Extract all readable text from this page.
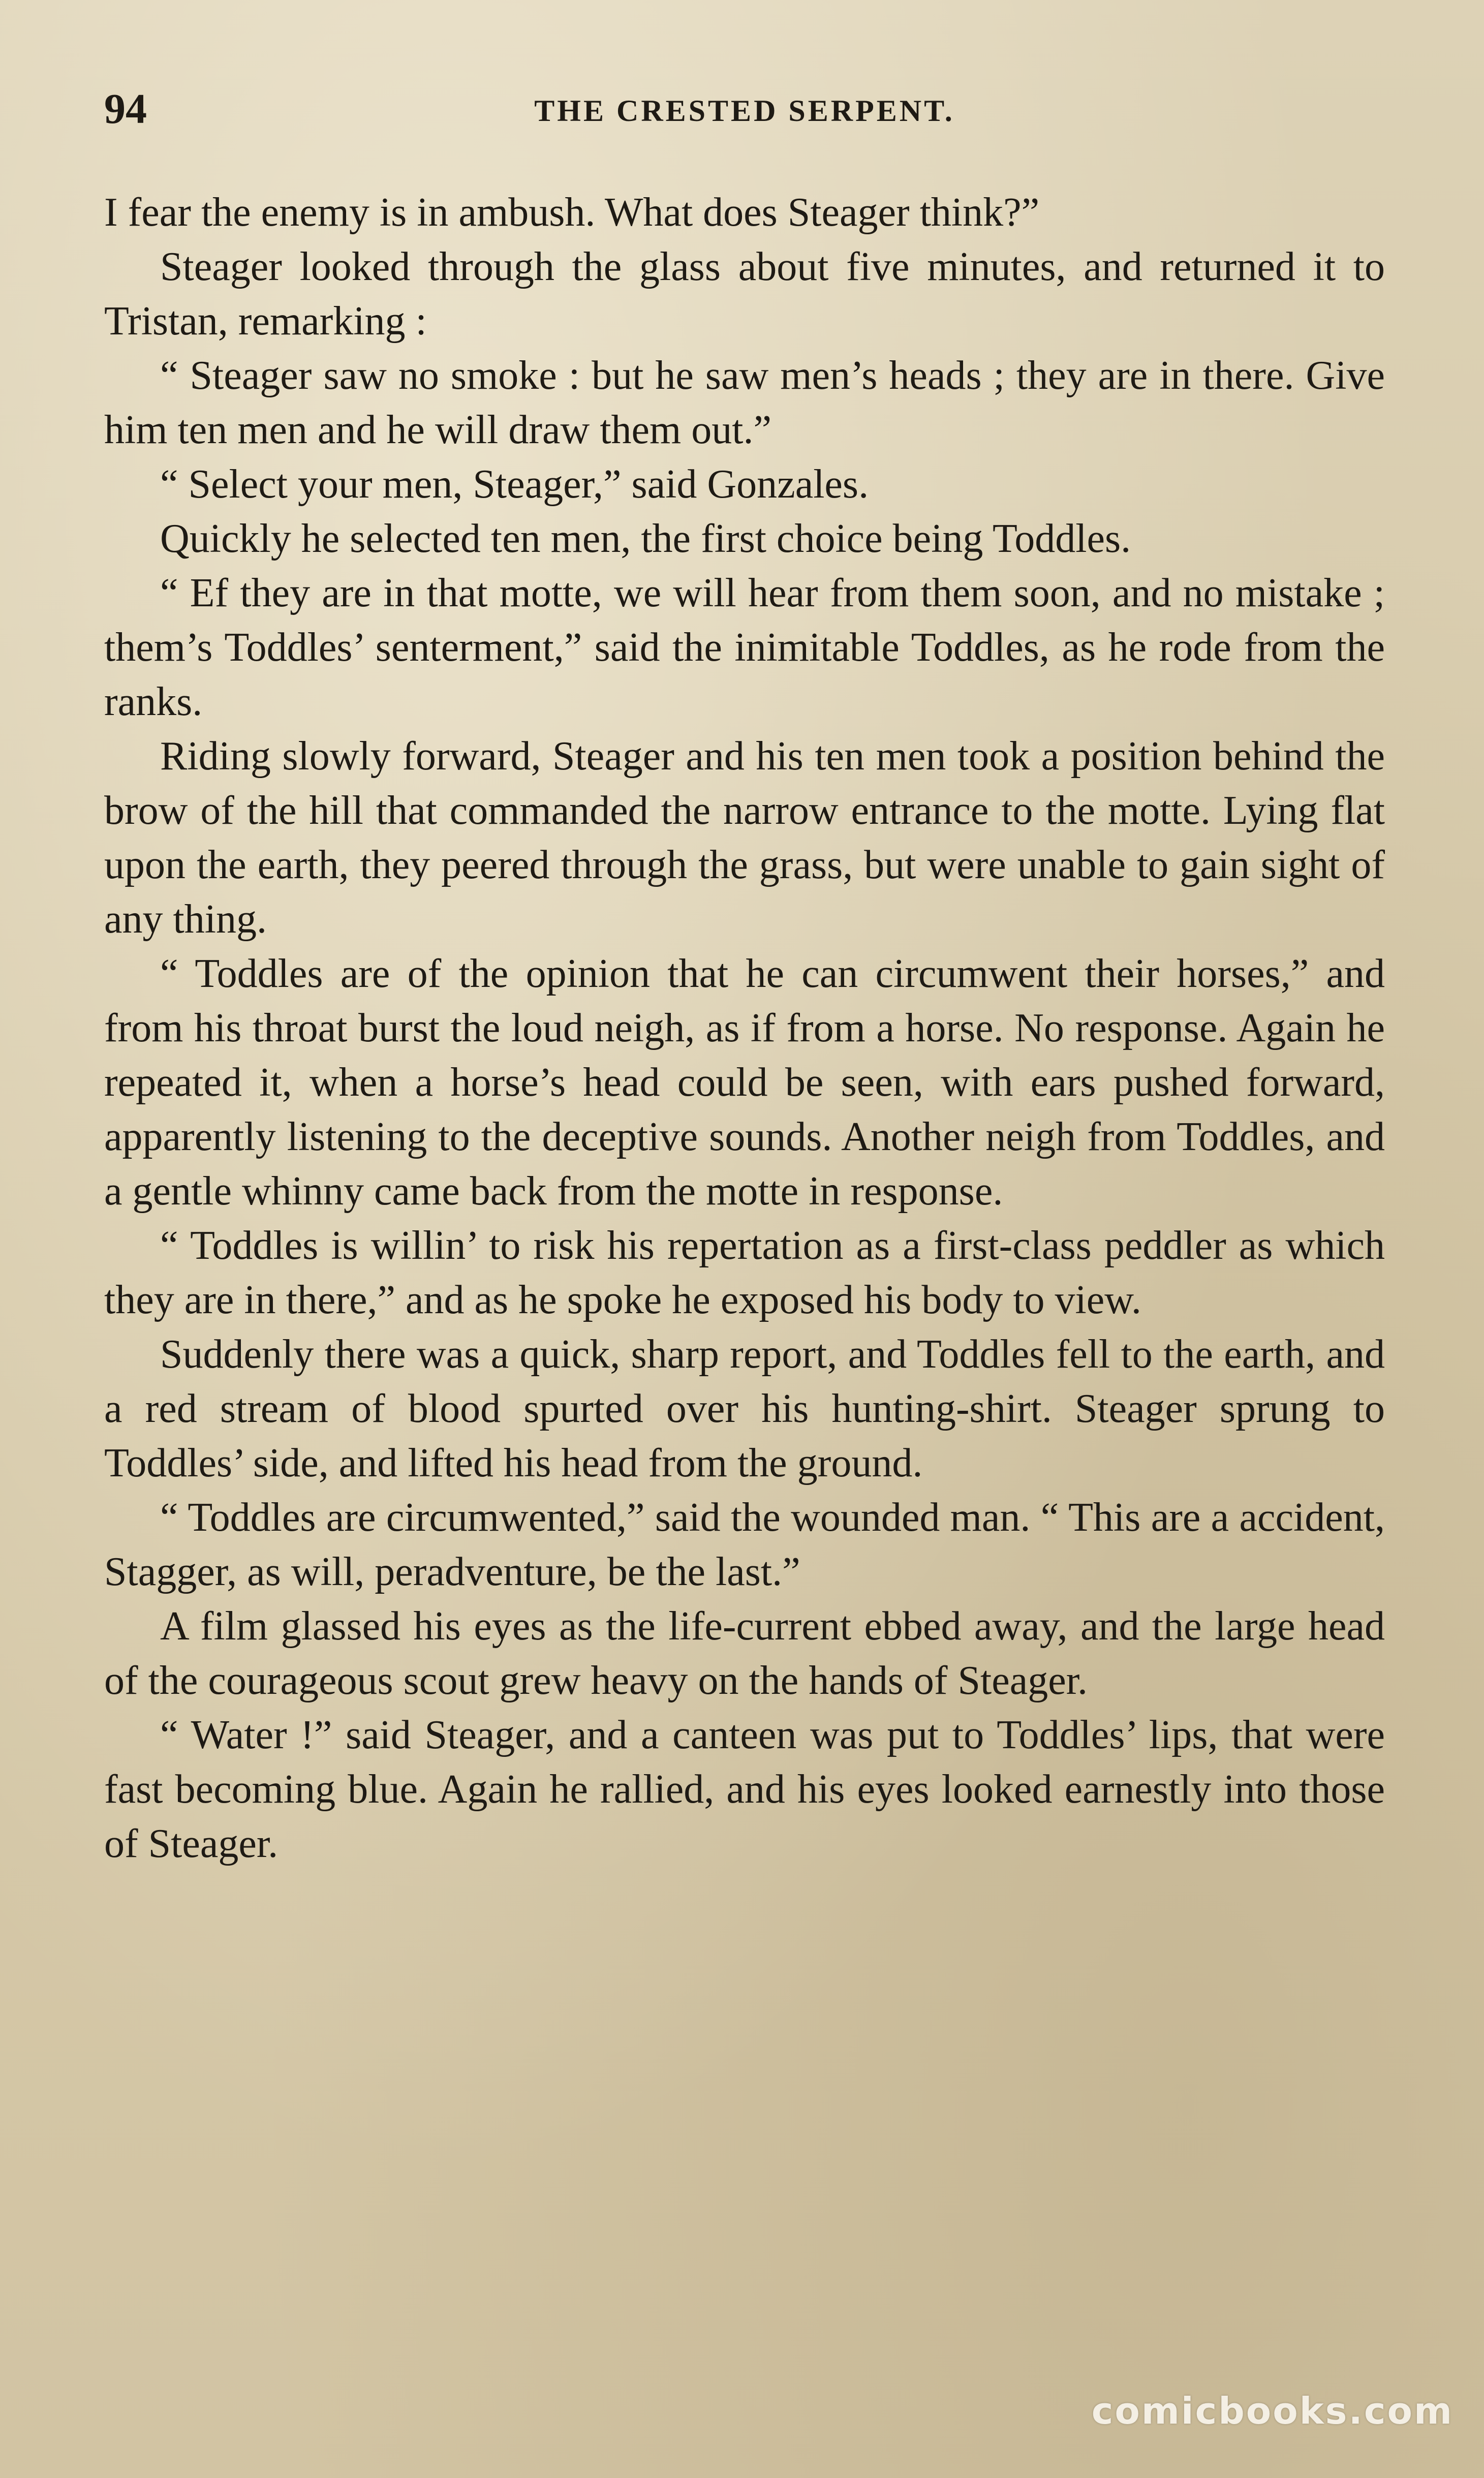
94	THE CRESTED SERPENT.

I fear the enemy is in ambush. What does Steager think?”

Steager looked through the glass about five minutes, and returned it to Tristan, remarking :

“ Steager saw no smoke : but he saw men’s heads ; they are in there. Give him ten men and he will draw them out.”

“ Select your men, Steager,” said Gonzales.

Quickly he selected ten men, the first choice being Toddles.

“ Ef they are in that motte, we will hear from them soon, and no mistake ; them’s Toddles’ senterment,” said the inimitable Toddles, as he rode from the ranks.

Riding slowly forward, Steager and his ten men took a position behind the brow of the hill that commanded the narrow entrance to the motte. Lying flat upon the earth, they peered through the grass, but were unable to gain sight of any thing.

“ Toddles are of the opinion that he can circumwent their horses,” and from his throat burst the loud neigh, as if from a horse. No response. Again he repeated it, when a horse’s head could be seen, with ears pushed forward, apparently listening to the deceptive sounds. Another neigh from Toddles, and a gentle whinny came back from the motte in response.

“ Toddles is willin’ to risk his repertation as a first-class peddler as which they are in there,” and as he spoke he exposed his body to view.

Suddenly there was a quick, sharp report, and Toddles fell to the earth, and a red stream of blood spurted over his hunting-shirt. Steager sprung to Toddles’ side, and lifted his head from the ground.

“ Toddles are circumwented,” said the wounded man. “ This are a accident, Stagger, as will, peradventure, be the last.”

A film glassed his eyes as the life-current ebbed away, and the large head of the courageous scout grew heavy on the hands of Steager.

“ Water !” said Steager, and a canteen was put to Toddles’ lips, that were fast becoming blue. Again he rallied, and his eyes looked earnestly into those of Steager.

comicbooks.com
